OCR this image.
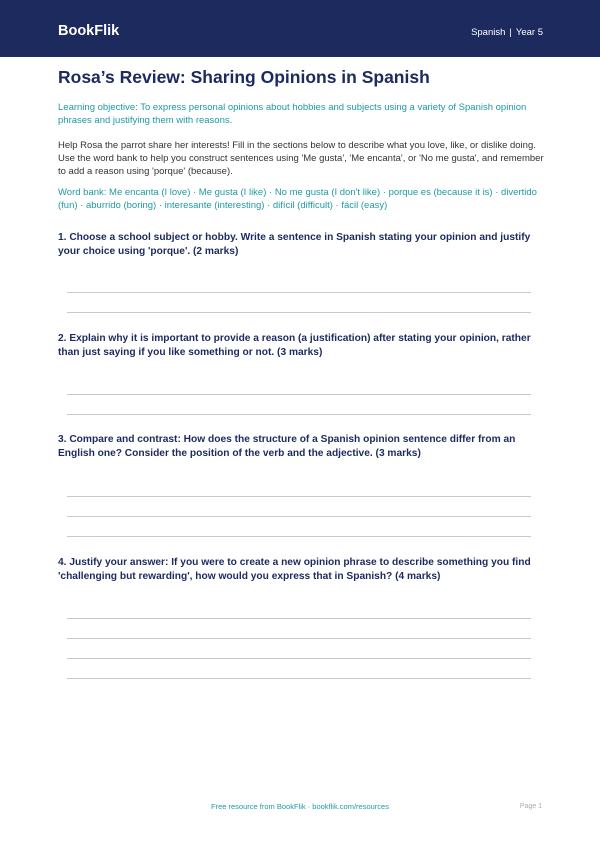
BookFlik	Spanish | Year 5
Rosa’s Review: Sharing Opinions in Spanish

Learning objective: To express personal opinions about hobbies and subjects using a variety of Spanish opinion phrases and justifying them with reasons.

Help Rosa the parrot share her interests! Fill in the sections below to describe what you love, like, or dislike doing. Use the word bank to help you construct sentences using 'Me gusta', 'Me encanta', or 'No me gusta', and remember to add a reason using 'porque' (because).

Word bank: Me encanta (I love) · Me gusta (I like) · No me gusta (I don't like) · porque es (because it is) · divertido (fun) · aburrido (boring) · interesante (interesting) · difícil (difficult) · fácil (easy)

1. Choose a school subject or hobby. Write a sentence in Spanish stating your opinion and justify your choice using 'porque'. (2 marks)

2. Explain why it is important to provide a reason (a justification) after stating your opinion, rather than just saying if you like something or not. (3 marks)

3. Compare and contrast: How does the structure of a Spanish opinion sentence differ from an English one? Consider the position of the verb and the adjective. (3 marks)

4. Justify your answer: If you were to create a new opinion phrase to describe something you find 'challenging but rewarding', how would you express that in Spanish? (4 marks)

Free resource from BookFlik · bookflik.com/resources	Page 1
